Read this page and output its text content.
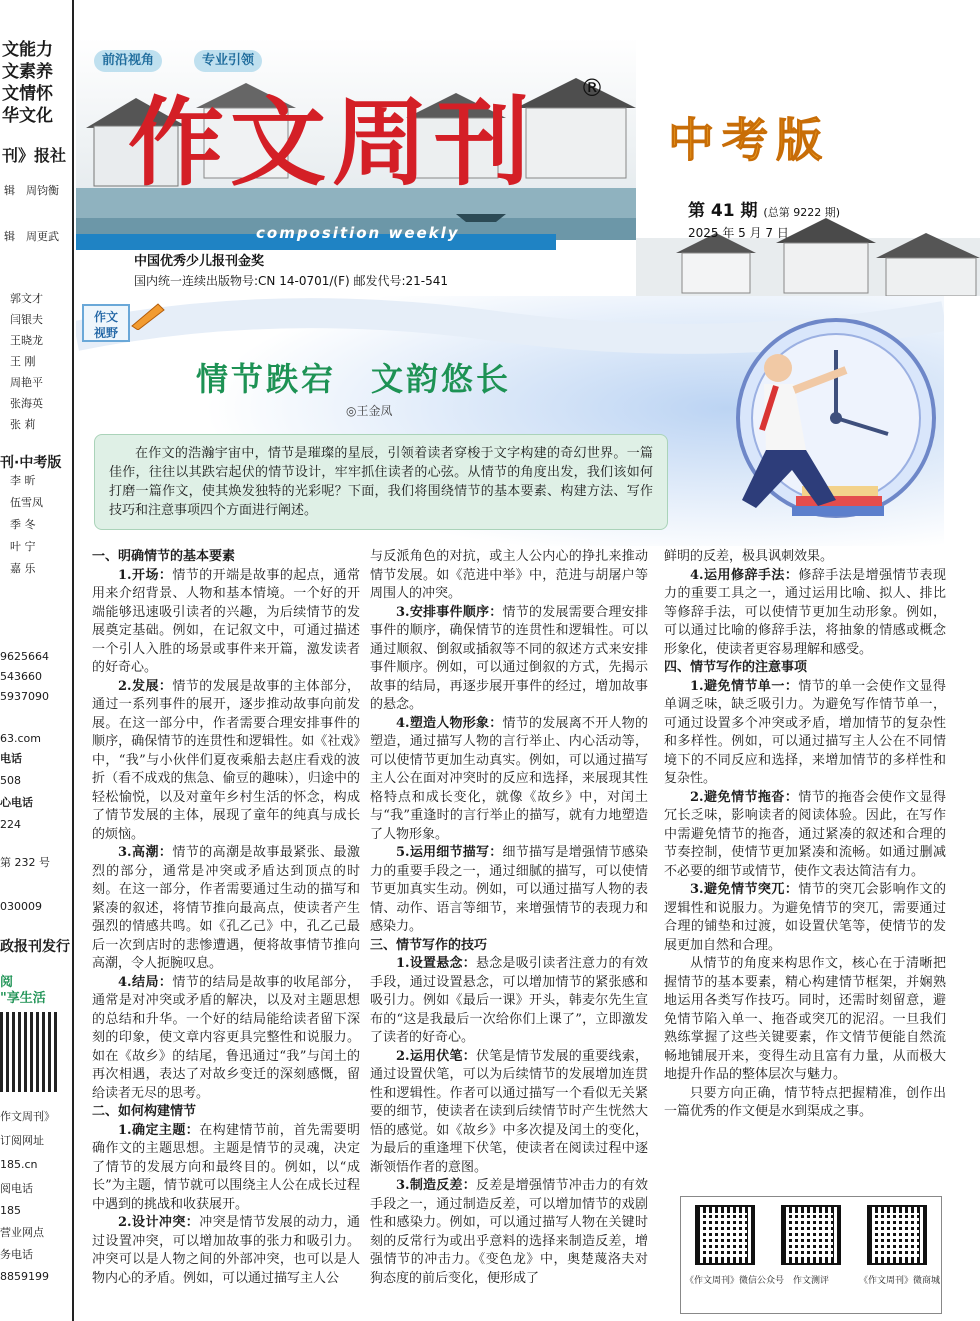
文能力
文素养
文情怀
华文化
刊》报社
辑　 周钧衡
辑　 周更武
郭文才
闫银夫
王晓龙
王 刚
周艳平
张海英
张 莉
刊·中考版
李 昕
伍雪凤
季 冬
叶 宁
嘉 乐
9625664
543660
5937090
63.com
电话
508
心电话
224
第 232 号
030009
政报刊发行
阅
"享生活
作文周刊》
订阅网址
185.cn
阅电话
185
营业网点
务电话
8859199
前沿视角	专业引领
作文周刊 ®
composition weekly
中考版
第 41 期 (总第 9222 期)
2025 年 5 月 7 日
中国优秀少儿报刊金奖
国内统一连续出版物号:CN 14-0701/(F) 邮发代号:21-541
作文
视野
情节跌宕　文韵悠长
◎王金凤
在作文的浩瀚宇宙中，情节是璀璨的星辰，引领着读者穿梭于文字构建的奇幻世界。一篇佳作，往往以其跌宕起伏的情节设计，牢牢抓住读者的心弦。从情节的角度出发，我们该如何打磨一篇作文，使其焕发独特的光彩呢？下面，我们将围绕情节的基本要素、构建方法、写作技巧和注意事项四个方面进行阐述。
一、明确情节的基本要素

1.开场：情节的开端是故事的起点，通常用来介绍背景、人物和基本情境。一个好的开端能够迅速吸引读者的兴趣，为后续情节的发展奠定基础。例如，在记叙文中，可通过描述一个引人入胜的场景或事件来开篇，激发读者的好奇心。

2.发展：情节的发展是故事的主体部分，通过一系列事件的展开，逐步推动故事向前发展。在这一部分中，作者需要合理安排事件的顺序，确保情节的连贯性和逻辑性。如《社戏》中，“我”与小伙伴们夏夜乘船去赵庄看戏的波折（看不成戏的焦急、偷豆的趣味），归途中的轻松愉悦，以及对童年乡村生活的怀念，构成了情节发展的主体，展现了童年的纯真与成长的烦恼。

3.高潮：情节的高潮是故事最紧张、最激烈的部分，通常是冲突或矛盾达到顶点的时刻。在这一部分，作者需要通过生动的描写和紧凑的叙述，将情节推向最高点，使读者产生强烈的情感共鸣。如《孔乙己》中，孔乙己最后一次到店时的悲惨遭遇，便将故事情节推向高潮，令人扼腕叹息。

4.结局：情节的结局是故事的收尾部分，通常是对冲突或矛盾的解决，以及对主题思想的总结和升华。一个好的结局能给读者留下深刻的印象，使文章内容更具完整性和说服力。如在《故乡》的结尾，鲁迅通过“我”与闰土的再次相遇，表达了对故乡变迁的深刻感慨，留给读者无尽的思考。

二、如何构建情节

1.确定主题：在构建情节前，首先需要明确作文的主题思想。主题是情节的灵魂，决定了情节的发展方向和最终目的。例如，以“成长”为主题，情节就可以围绕主人公在成长过程中遇到的挑战和收获展开。

2.设计冲突：冲突是情节发展的动力，通过设置冲突，可以增加故事的张力和吸引力。冲突可以是人物之间的外部冲突，也可以是人物内心的矛盾。例如，可以通过描写主人公

与反派角色的对抗，或主人公内心的挣扎来推动情节发展。如《范进中举》中，范进与胡屠户等周围人的冲突。

3.安排事件顺序：情节的发展需要合理安排事件的顺序，确保情节的连贯性和逻辑性。可以通过顺叙、倒叙或插叙等不同的叙述方式来安排事件顺序。例如，可以通过倒叙的方式，先揭示故事的结局，再逐步展开事件的经过，增加故事的悬念。

4.塑造人物形象：情节的发展离不开人物的塑造，通过描写人物的言行举止、内心活动等，可以使情节更加生动真实。例如，可以通过描写主人公在面对冲突时的反应和选择，来展现其性格特点和成长变化，就像《故乡》中，对闰土与“我”重逢时的言行举止的描写，就有力地塑造了人物形象。

5.运用细节描写：细节描写是增强情节感染力的重要手段之一，通过细腻的描写，可以使情节更加真实生动。例如，可以通过描写人物的表情、动作、语言等细节，来增强情节的表现力和感染力。

三、情节写作的技巧

1.设置悬念：悬念是吸引读者注意力的有效手段，通过设置悬念，可以增加情节的紧张感和吸引力。例如《最后一课》开头，韩麦尔先生宣布的“这是我最后一次给你们上课了”，立即激发了读者的好奇心。

2.运用伏笔：伏笔是情节发展的重要线索，通过设置伏笔，可以为后续情节的发展增加连贯性和逻辑性。作者可以通过描写一个看似无关紧要的细节，使读者在读到后续情节时产生恍然大悟的感觉。如《故乡》中多次提及闰土的变化，为最后的重逢埋下伏笔，使读者在阅读过程中逐渐领悟作者的意图。

3.制造反差：反差是增强情节冲击力的有效手段之一，通过制造反差，可以增加情节的戏剧性和感染力。例如，可以通过描写人物在关键时刻的反常行为或出乎意料的选择来制造反差，增强情节的冲击力。《变色龙》中，奥楚蔑洛夫对狗态度的前后变化，便形成了

鲜明的反差，极具讽刺效果。

4.运用修辞手法：修辞手法是增强情节表现力的重要工具之一，通过运用比喻、拟人、排比等修辞手法，可以使情节更加生动形象。例如，可以通过比喻的修辞手法，将抽象的情感或概念形象化，使读者更容易理解和感受。

四、情节写作的注意事项

1.避免情节单一：情节的单一会使作文显得单调乏味，缺乏吸引力。为避免写作情节单一，可通过设置多个冲突或矛盾，增加情节的复杂性和多样性。例如，可以通过描写主人公在不同情境下的不同反应和选择，来增加情节的多样性和复杂性。

2.避免情节拖沓：情节的拖沓会使作文显得冗长乏味，影响读者的阅读体验。因此，在写作中需避免情节的拖沓，通过紧凑的叙述和合理的节奏控制，使情节更加紧凑和流畅。如通过删减不必要的细节或情节，使作文表达简洁有力。

3.避免情节突兀：情节的突兀会影响作文的逻辑性和说服力。为避免情节的突兀，需要通过合理的铺垫和过渡，如设置伏笔等，使情节的发展更加自然和合理。

从情节的角度来构思作文，核心在于清晰把握情节的基本要素，精心构建情节框架，并娴熟地运用各类写作技巧。同时，还需时刻留意，避免情节陷入单一、拖沓或突兀的泥沼。一旦我们熟练掌握了这些关键要素，作文情节便能自然流畅地铺展开来，变得生动且富有力量，从而极大地提升作品的整体层次与魅力。

只要方向正确，情节特点把握精准，创作出一篇优秀的作文便是水到渠成之事。

《作文周刊》微信公众号 作文测评	《作文周刊》微商城
